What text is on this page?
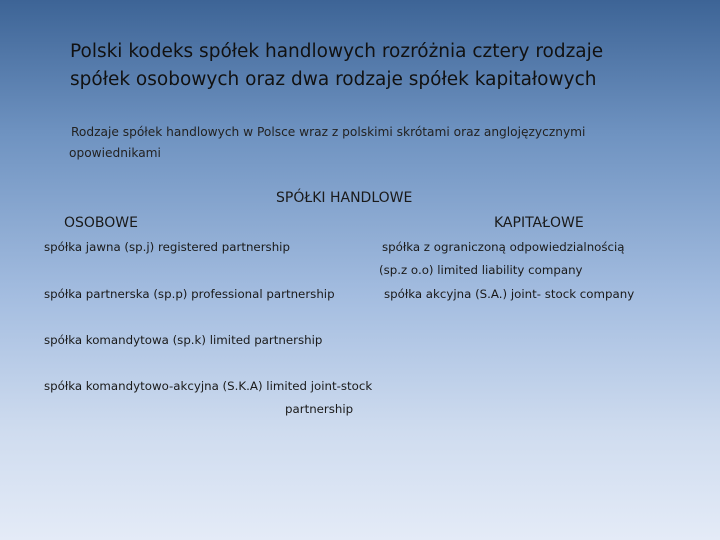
Polski kodeks spółek handlowych rozróżnia cztery rodzaje
spółek osobowych oraz dwa rodzaje spółek kapitałowych
Rodzaje spółek handlowych w Polsce wraz z polskimi skrótami oraz anglojęzycznymi
opowiednikami
SPÓŁKI HANDLOWE
OSOBOWE	KAPITAŁOWE
spółka jawna (sp.j) registered partnership
spółka partnerska (sp.p) professional partnership
spółka komandytowa (sp.k) limited partnership
spółka komandytowo-akcyjna (S.K.A) limited joint-stock
partnership
spółka z ograniczoną odpowiedzialnością
(sp.z o.o) limited liability company
spółka akcyjna (S.A.) joint- stock company
